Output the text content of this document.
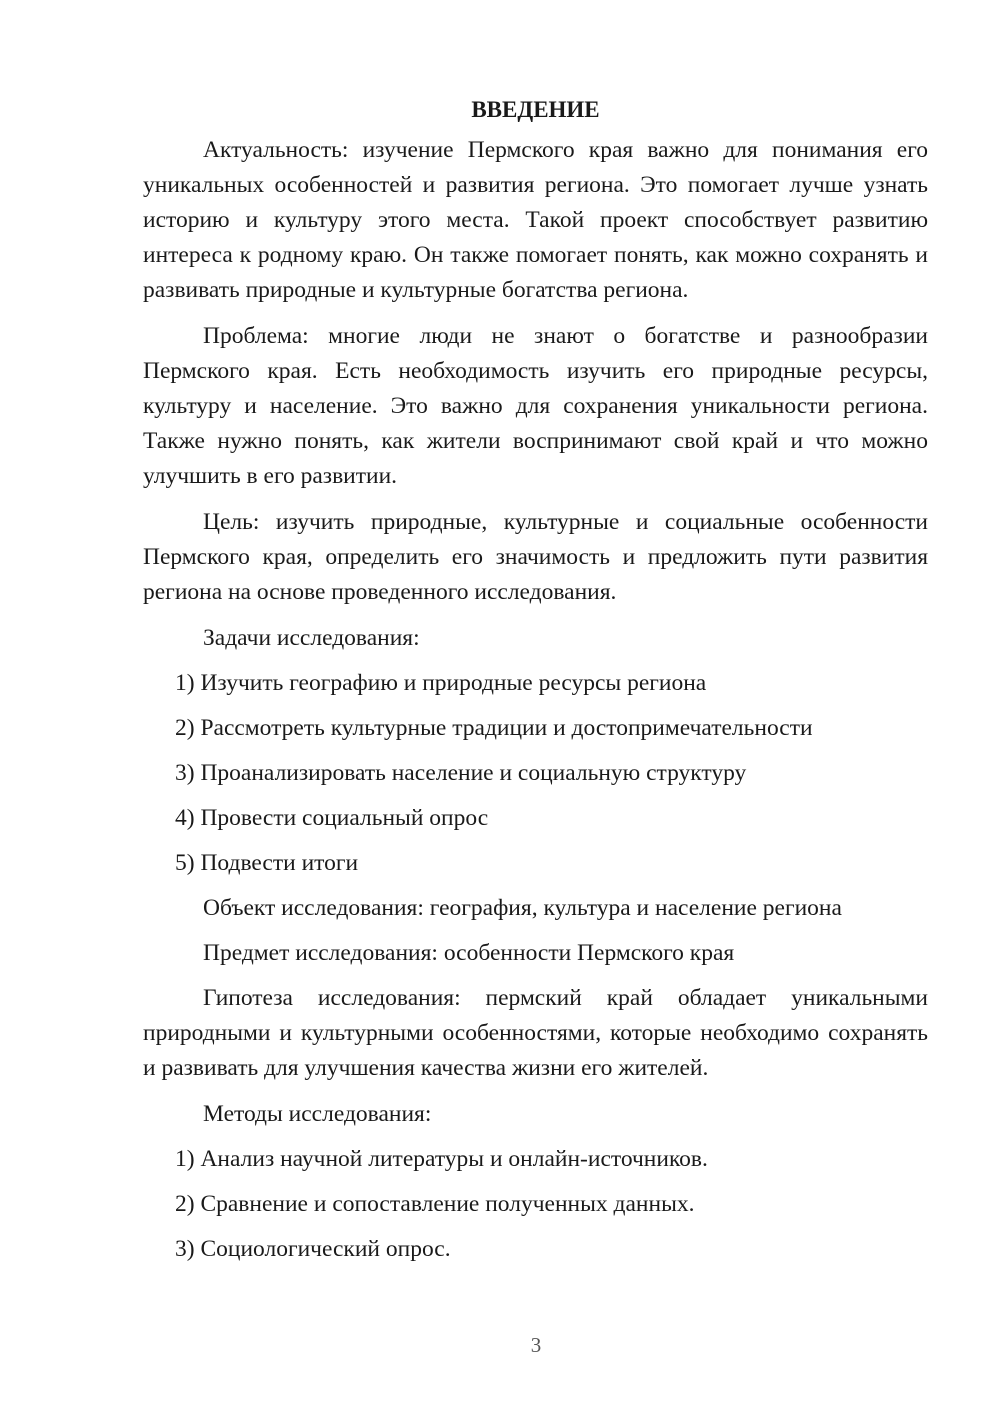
ВВЕДЕНИЕ

Актуальность: изучение Пермского края важно для понимания его уникальных особенностей и развития региона. Это помогает лучше узнать историю и культуру этого места. Такой проект способствует развитию интереса к родному краю. Он также помогает понять, как можно сохранять и развивать природные и культурные богатства региона.

Проблема: многие люди не знают о богатстве и разнообразии Пермского края. Есть необходимость изучить его природные ресурсы, культуру и население. Это важно для сохранения уникальности региона. Также нужно понять, как жители воспринимают свой край и что можно улучшить в его развитии.

Цель: изучить природные, культурные и социальные особенности Пермского края, определить его значимость и предложить пути развития региона на основе проведенного исследования.

Задачи исследования:
1) Изучить географию и природные ресурсы региона
2) Рассмотреть культурные традиции и достопримечательности
3) Проанализировать население и социальную структуру
4) Провести социальный опрос
5) Подвести итоги
Объект исследования: география, культура и население региона
Предмет исследования: особенности Пермского края

Гипотеза исследования: пермский край обладает уникальными природными и культурными особенностями, которые необходимо сохранять и развивать для улучшения качества жизни его жителей.

Методы исследования:
1) Анализ научной литературы и онлайн-источников.
2) Сравнение и сопоставление полученных данных.
3) Социологический опрос.
3
